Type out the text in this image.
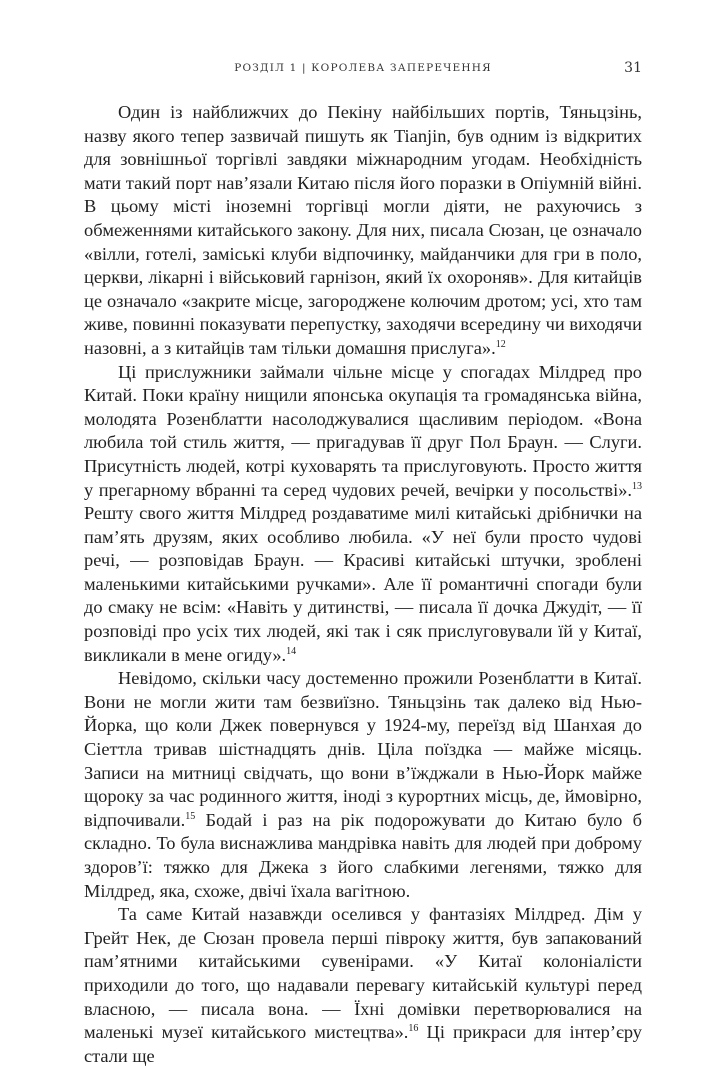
РОЗДІЛ 1 | КОРОЛЕВА ЗАПЕРЕЧЕННЯ	31

Один із найближчих до Пекіну найбільших портів, Тяньцзінь, назву якого тепер зазвичай пишуть як Tianjin, був одним із відкритих для зовнішньої торгівлі завдяки міжнародним угодам. Необхідність мати такий порт нав’язали Китаю після його поразки в Опіумній війні. В цьому місті іноземні торгівці могли діяти, не рахуючись з обмеженнями китайського закону. Для них, писала Сюзан, це означало «вілли, готелі, заміські клуби відпочинку, майданчики для гри в поло, церкви, лікарні і військовий гарнізон, який їх охороняв». Для китайців це означало «закрите місце, загороджене колючим дротом; усі, хто там живе, повинні показувати перепустку, заходячи всередину чи виходячи назовні, а з китайців там тільки домашня прислуга».$^{12}$

Ці прислужники займали чільне місце у спогадах Мілдред про Китай. Поки країну нищили японська окупація та громадянська війна, молодята Розенблатти насолоджувалися щасливим періодом. «Вона любила той стиль життя, — пригадував її друг Пол Браун. — Слуги. Присутність людей, котрі куховарять та прислуговують. Просто життя у прегарному вбранні та серед чудових речей, вечірки у посольстві».$^{13}$ Решту свого життя Мілдред роздаватиме милі китайські дрібнички на пам’ять друзям, яких особливо любила. «У неї були просто чудові речі, — розповідав Браун. — Красиві китайські штучки, зроблені маленькими китайськими ручками». Але її романтичні спогади були до смаку не всім: «Навіть у дитинстві, — писала її дочка Джудіт, — її розповіді про усіх тих людей, які так і сяк прислуговували їй у Китаї, викликали в мене огиду».$^{14}$

Невідомо, скільки часу достеменно прожили Розенблатти в Китаї. Вони не могли жити там безвиїзно. Тяньцзінь так далеко від Нью-Йорка, що коли Джек повернувся у 1924-му, переїзд від Шанхая до Сіеттла тривав шістнадцять днів. Ціла поїздка — майже місяць. Записи на митниці свідчать, що вони в’їжджали в Нью-Йорк майже щороку за час родинного життя, іноді з курортних місць, де, ймовірно, відпочивали.$^{15}$ Бодай і раз на рік подорожувати до Китаю було б складно. То була виснажлива мандрівка навіть для людей при доброму здоров’ї: тяжко для Джека з його слабкими легенями, тяжко для Мілдред, яка, схоже, двічі їхала вагітною.

Та саме Китай назавжди оселився у фантазіях Мілдред. Дім у Грейт Нек, де Сюзан провела перші півроку життя, був запакований пам’ятними китайськими сувенірами. «У Китаї колоніалісти приходили до того, що надавали перевагу китайській культурі перед власною, — писала вона. — Їхні домівки перетворювалися на маленькі музеї китайського мистецтва».$^{16}$ Ці прикраси для інтер’єру стали ще
